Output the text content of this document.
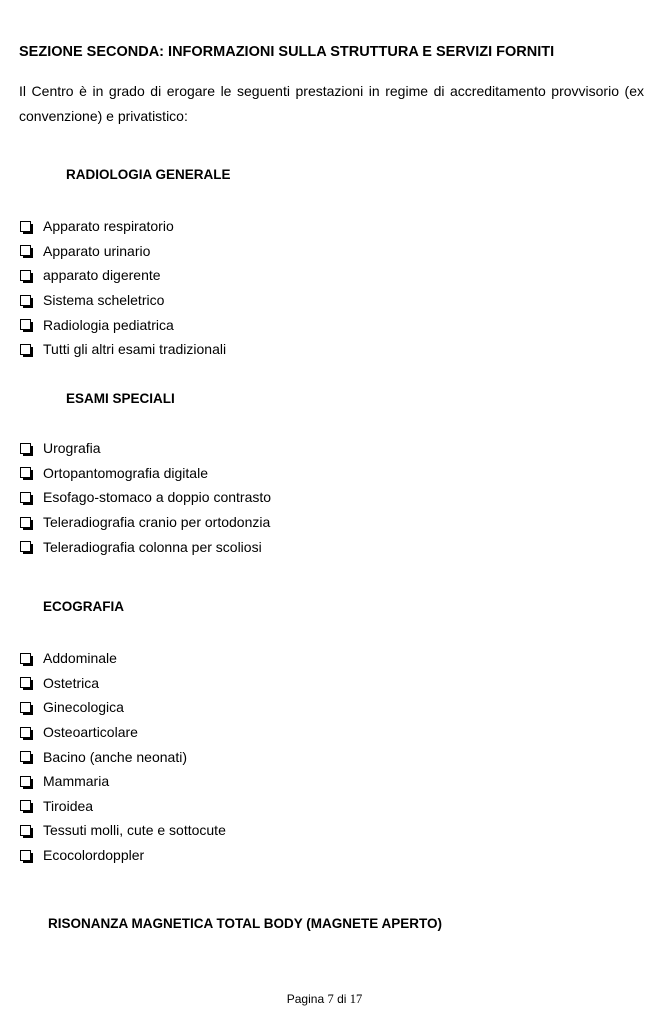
SEZIONE SECONDA: INFORMAZIONI SULLA STRUTTURA E SERVIZI FORNITI
Il Centro è in grado di erogare le seguenti prestazioni in regime di accreditamento provvisorio (ex
convenzione) e privatistico:
RADIOLOGIA GENERALE
Apparato respiratorio
Apparato urinario
apparato digerente
Sistema scheletrico
Radiologia pediatrica
Tutti gli altri esami tradizionali
ESAMI SPECIALI
Urografia
Ortopantomografia digitale
Esofago-stomaco a doppio contrasto
Teleradiografia cranio per ortodonzia
Teleradiografia colonna per scoliosi
ECOGRAFIA
Addominale
Ostetrica
Ginecologica
Osteoarticolare
Bacino (anche neonati)
Mammaria
Tiroidea
Tessuti molli, cute e sottocute
Ecocolordoppler
RISONANZA MAGNETICA TOTAL BODY (MAGNETE APERTO)
Pagina 7 di 17
